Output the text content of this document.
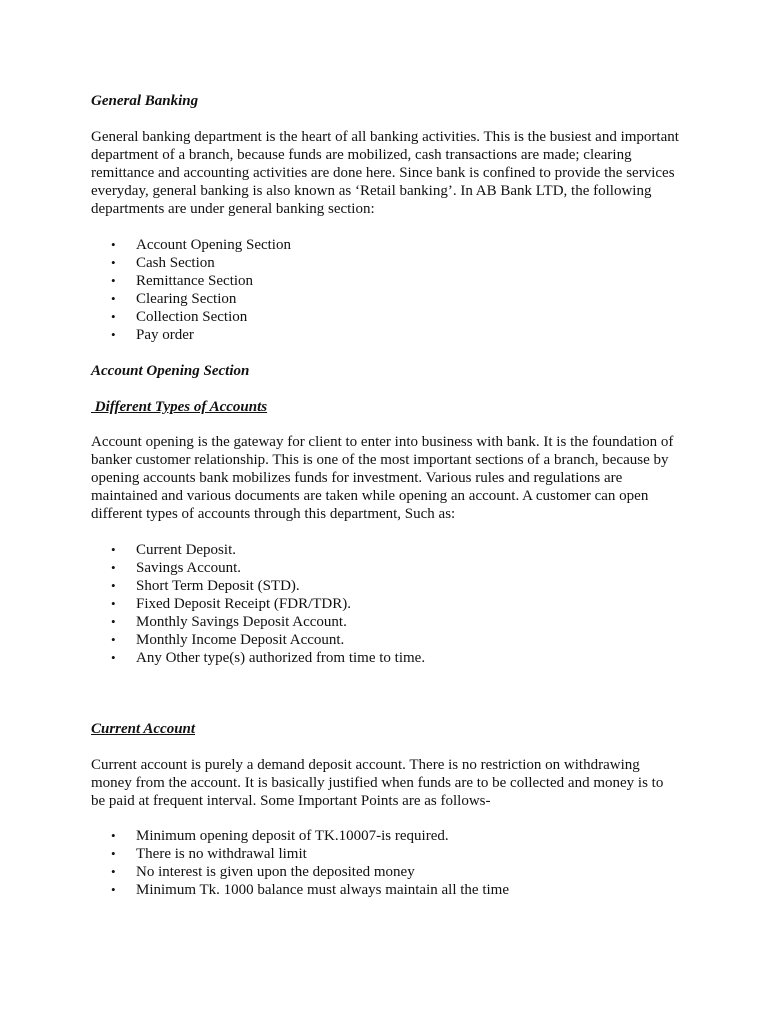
General Banking

General banking department is the heart of all banking activities. This is the busiest and important department of a branch, because funds are mobilized, cash transactions are made; clearing remittance and accounting activities are done here. Since bank is confined to provide the services everyday, general banking is also known as ‘Retail banking’. In AB Bank LTD, the following departments are under general banking section:

• Account Opening Section
• Cash Section
• Remittance Section
• Clearing Section
• Collection Section
• Pay order
Account Opening Section
Different Types of Accounts

Account opening is the gateway for client to enter into business with bank. It is the foundation of banker customer relationship. This is one of the most important sections of a branch, because by opening accounts bank mobilizes funds for investment. Various rules and regulations are maintained and various documents are taken while opening an account. A customer can open different types of accounts through this department, Such as:

• Current Deposit.
• Savings Account.
• Short Term Deposit (STD).
• Fixed Deposit Receipt (FDR/TDR).
• Monthly Savings Deposit Account.
• Monthly Income Deposit Account.
• Any Other type(s) authorized from time to time.
Current Account

Current account is purely a demand deposit account. There is no restriction on withdrawing money from the account. It is basically justified when funds are to be collected and money is to be paid at frequent interval. Some Important Points are as follows-

• Minimum opening deposit of TK.10007-is required.
• There is no withdrawal limit
• No interest is given upon the deposited money
• Minimum Tk. 1000 balance must always maintain all the time
